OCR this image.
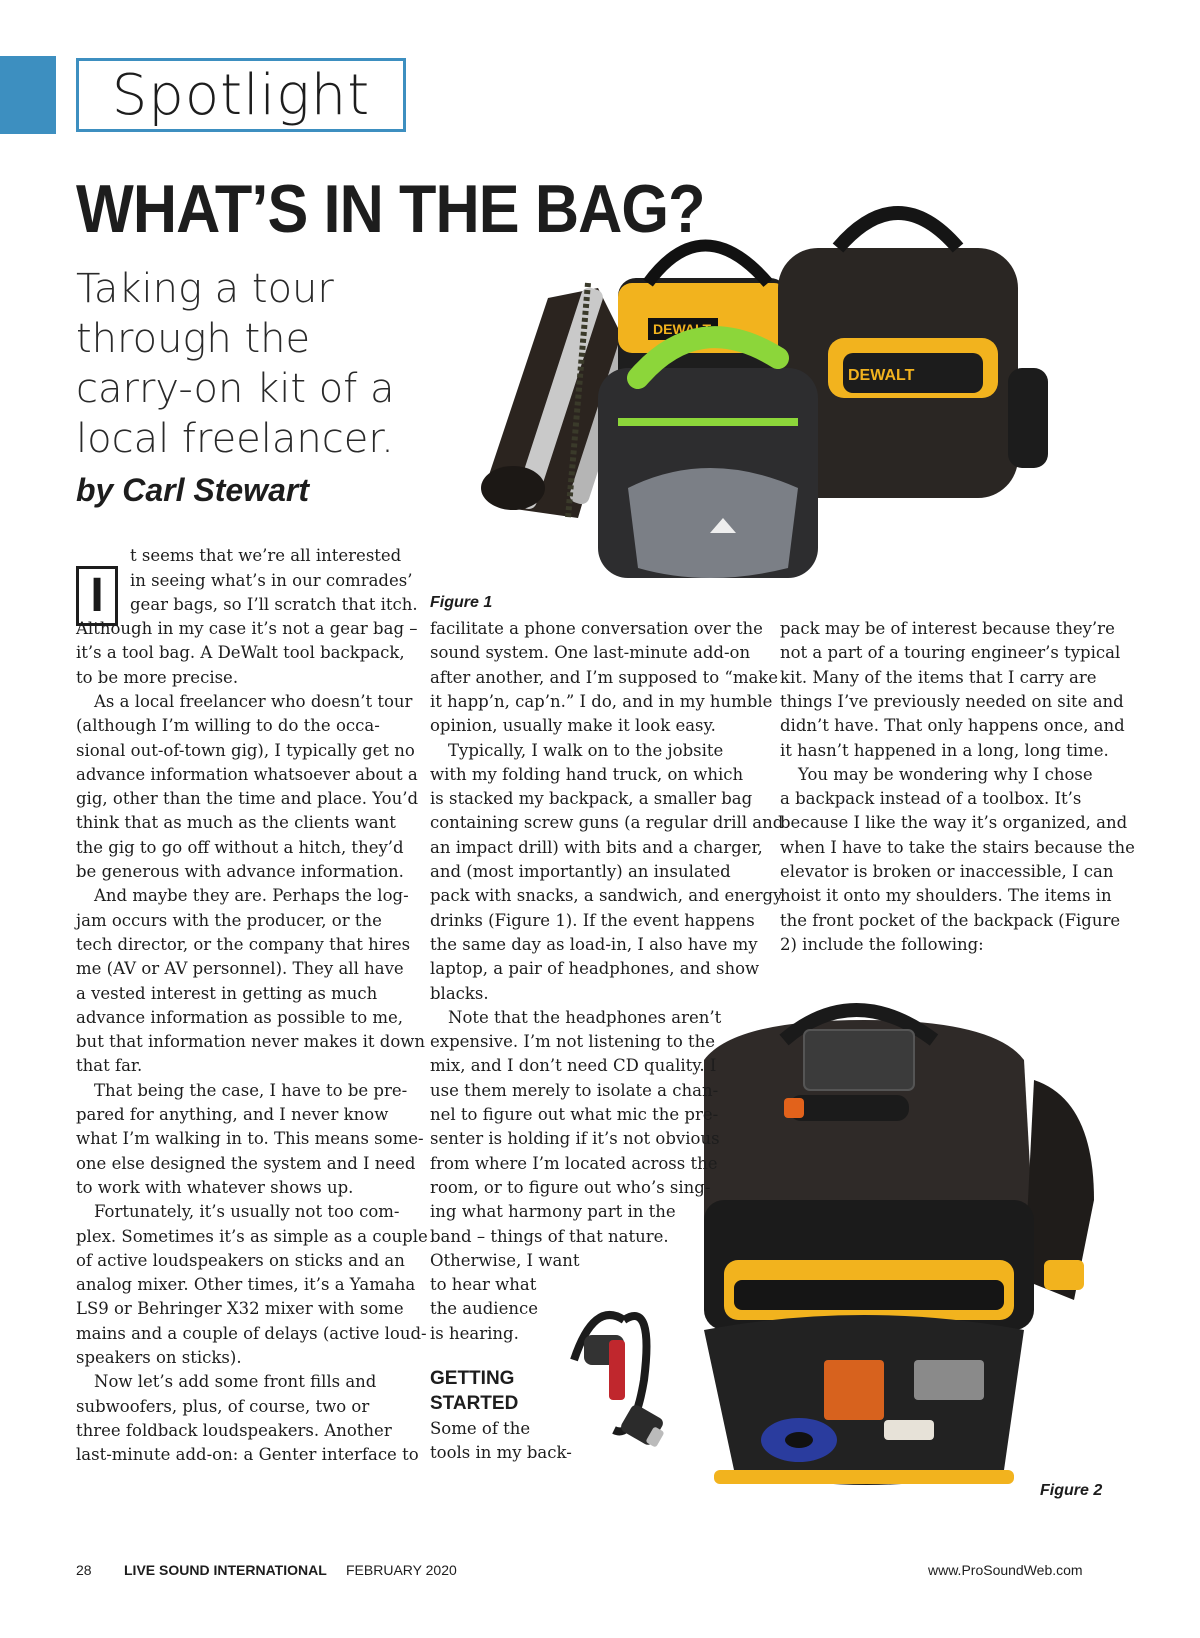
Spotlight
WHAT’S IN THE BAG?
Taking a tour
through the
carry-on kit of a
local freelancer.
by Carl Stewart
DEWALT
DEWALT
Figure 1
Figure 2
I
t seems that we’re all interested
in seeing what’s in our comrades’
gear bags, so I’ll scratch that itch.
Although in my case it’s not a gear bag –
it’s a tool bag. A DeWalt tool backpack,
to be more precise.
As a local freelancer who doesn’t tour
(although I’m willing to do the occa-
sional out-of-town gig), I typically get no
advance information whatsoever about a
gig, other than the time and place. You’d
think that as much as the clients want
the gig to go off without a hitch, they’d
be generous with advance information.
And maybe they are. Perhaps the log-
jam occurs with the producer, or the
tech director, or the company that hires
me (AV or AV personnel). They all have
a vested interest in getting as much
advance information as possible to me,
but that information never makes it down
that far.
That being the case, I have to be pre-
pared for anything, and I never know
what I’m walking in to. This means some-
one else designed the system and I need
to work with whatever shows up.
Fortunately, it’s usually not too com-
plex. Sometimes it’s as simple as a couple
of active loudspeakers on sticks and an
analog mixer. Other times, it’s a Yamaha
LS9 or Behringer X32 mixer with some
mains and a couple of delays (active loud-
speakers on sticks).
Now let’s add some front fills and
subwoofers, plus, of course, two or
three foldback loudspeakers. Another
last-minute add-on: a Genter interface to
facilitate a phone conversation over the
sound system. One last-minute add-on
after another, and I’m supposed to “make
it happ’n, cap’n.” I do, and in my humble
opinion, usually make it look easy.
Typically, I walk on to the jobsite
with my folding hand truck, on which
is stacked my backpack, a smaller bag
containing screw guns (a regular drill and
an impact drill) with bits and a charger,
and (most importantly) an insulated
pack with snacks, a sandwich, and energy
drinks (Figure 1). If the event happens
the same day as load-in, I also have my
laptop, a pair of headphones, and show
blacks.
Note that the headphones aren’t
expensive. I’m not listening to the
mix, and I don’t need CD quality. I
use them merely to isolate a chan-
nel to figure out what mic the pre-
senter is holding if it’s not obvious
from where I’m located across the
room, or to figure out who’s sing-
ing what harmony part in the
band – things of that nature.
Otherwise, I want
to hear what
the audience
is hearing.
Some of the
tools in my back-
pack may be of interest because they’re
not a part of a touring engineer’s typical
kit. Many of the items that I carry are
things I’ve previously needed on site and
didn’t have. That only happens once, and
it hasn’t happened in a long, long time.
You may be wondering why I chose
a backpack instead of a toolbox. It’s
because I like the way it’s organized, and
when I have to take the stairs because the
elevator is broken or inaccessible, I can
hoist it onto my shoulders. The items in
the front pocket of the backpack (Figure
2) include the following:
GETTING
STARTED
28 LIVE SOUND INTERNATIONAL FEBRUARY 2020	www.ProSoundWeb.com
